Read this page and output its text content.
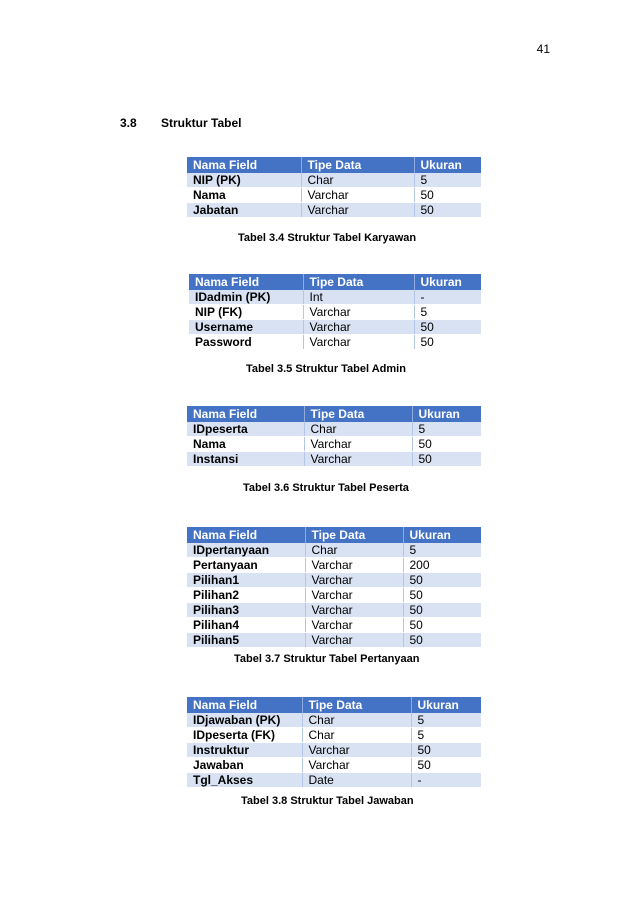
41
3.8 Struktur Tabel
Nama Field	Tipe Data	Ukuran
NIP (PK)	Char	5
Nama	Varchar	50
Jabatan	Varchar	50
Tabel 3.4 Struktur Tabel Karyawan
Nama Field	Tipe Data	Ukuran
IDadmin (PK)	Int	-
NIP (FK)	Varchar	5
Username	Varchar	50
Password	Varchar	50
Tabel 3.5 Struktur Tabel Admin
Nama Field	Tipe Data	Ukuran
IDpeserta	Char	5
Nama	Varchar	50
Instansi	Varchar	50
Tabel 3.6 Struktur Tabel Peserta
Nama Field	Tipe Data	Ukuran
IDpertanyaan	Char	5
Pertanyaan	Varchar	200
Pilihan1	Varchar	50
Pilihan2	Varchar	50
Pilihan3	Varchar	50
Pilihan4	Varchar	50
Pilihan5	Varchar	50
Tabel 3.7 Struktur Tabel Pertanyaan
Nama Field	Tipe Data	Ukuran
IDjawaban (PK)	Char	5
IDpeserta (FK)	Char	5
Instruktur	Varchar	50
Jawaban	Varchar	50
Tgl_Akses	Date	-
Tabel 3.8 Struktur Tabel Jawaban
